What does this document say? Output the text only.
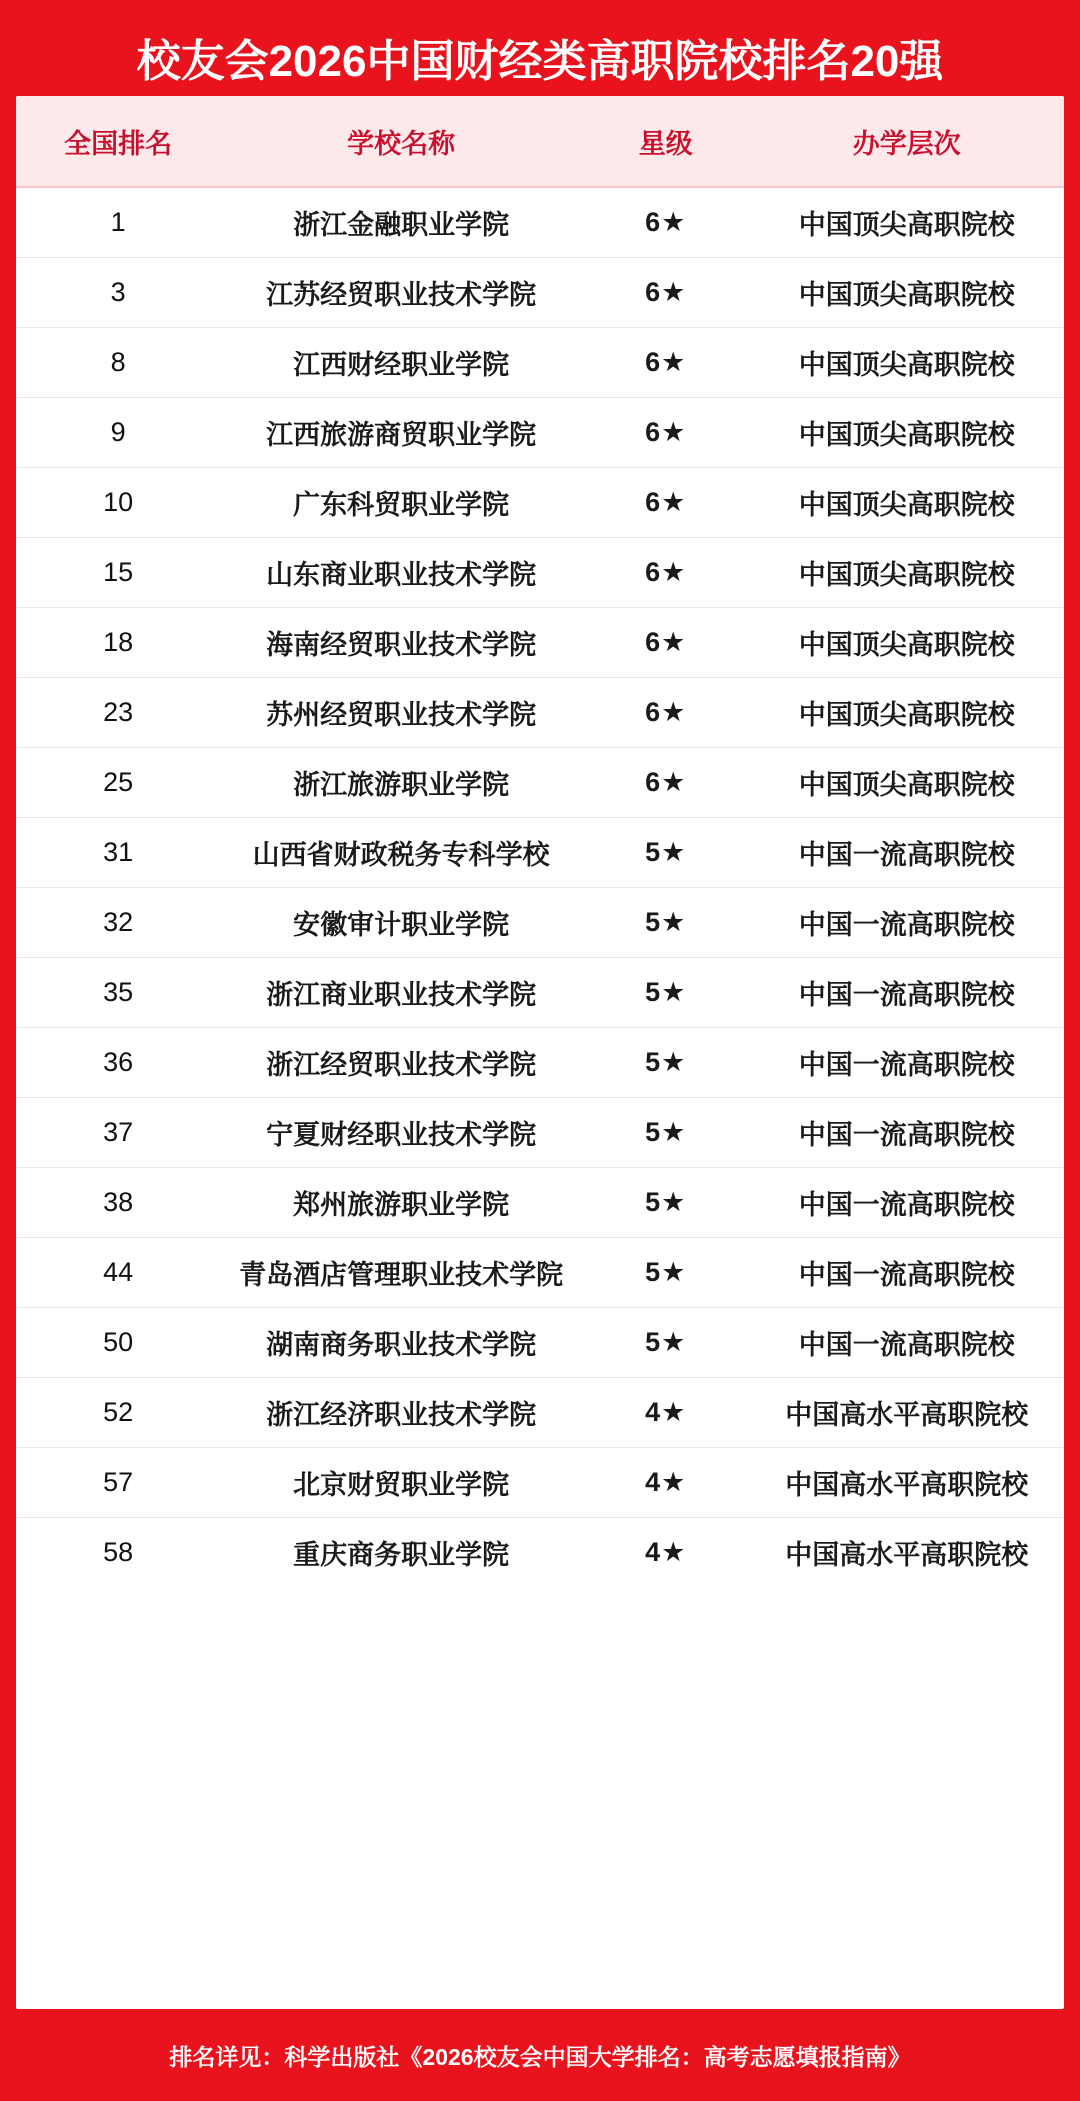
校友会2026中国财经类高职院校排名20强
全国排名	学校名称	星级	办学层次
1	浙江金融职业学院	6★	中国顶尖高职院校
3	江苏经贸职业技术学院	6★	中国顶尖高职院校
8	江西财经职业学院	6★	中国顶尖高职院校
9	江西旅游商贸职业学院	6★	中国顶尖高职院校
10	广东科贸职业学院	6★	中国顶尖高职院校
15	山东商业职业技术学院	6★	中国顶尖高职院校
18	海南经贸职业技术学院	6★	中国顶尖高职院校
23	苏州经贸职业技术学院	6★	中国顶尖高职院校
25	浙江旅游职业学院	6★	中国顶尖高职院校
31	山西省财政税务专科学校	5★	中国一流高职院校
32	安徽审计职业学院	5★	中国一流高职院校
35	浙江商业职业技术学院	5★	中国一流高职院校
36	浙江经贸职业技术学院	5★	中国一流高职院校
37	宁夏财经职业技术学院	5★	中国一流高职院校
38	郑州旅游职业学院	5★	中国一流高职院校
44	青岛酒店管理职业技术学院	5★	中国一流高职院校
50	湖南商务职业技术学院	5★	中国一流高职院校
52	浙江经济职业技术学院	4★	中国高水平高职院校
57	北京财贸职业学院	4★	中国高水平高职院校
58	重庆商务职业学院	4★	中国高水平高职院校
排名详见：科学出版社《2026校友会中国大学排名：高考志愿填报指南》
